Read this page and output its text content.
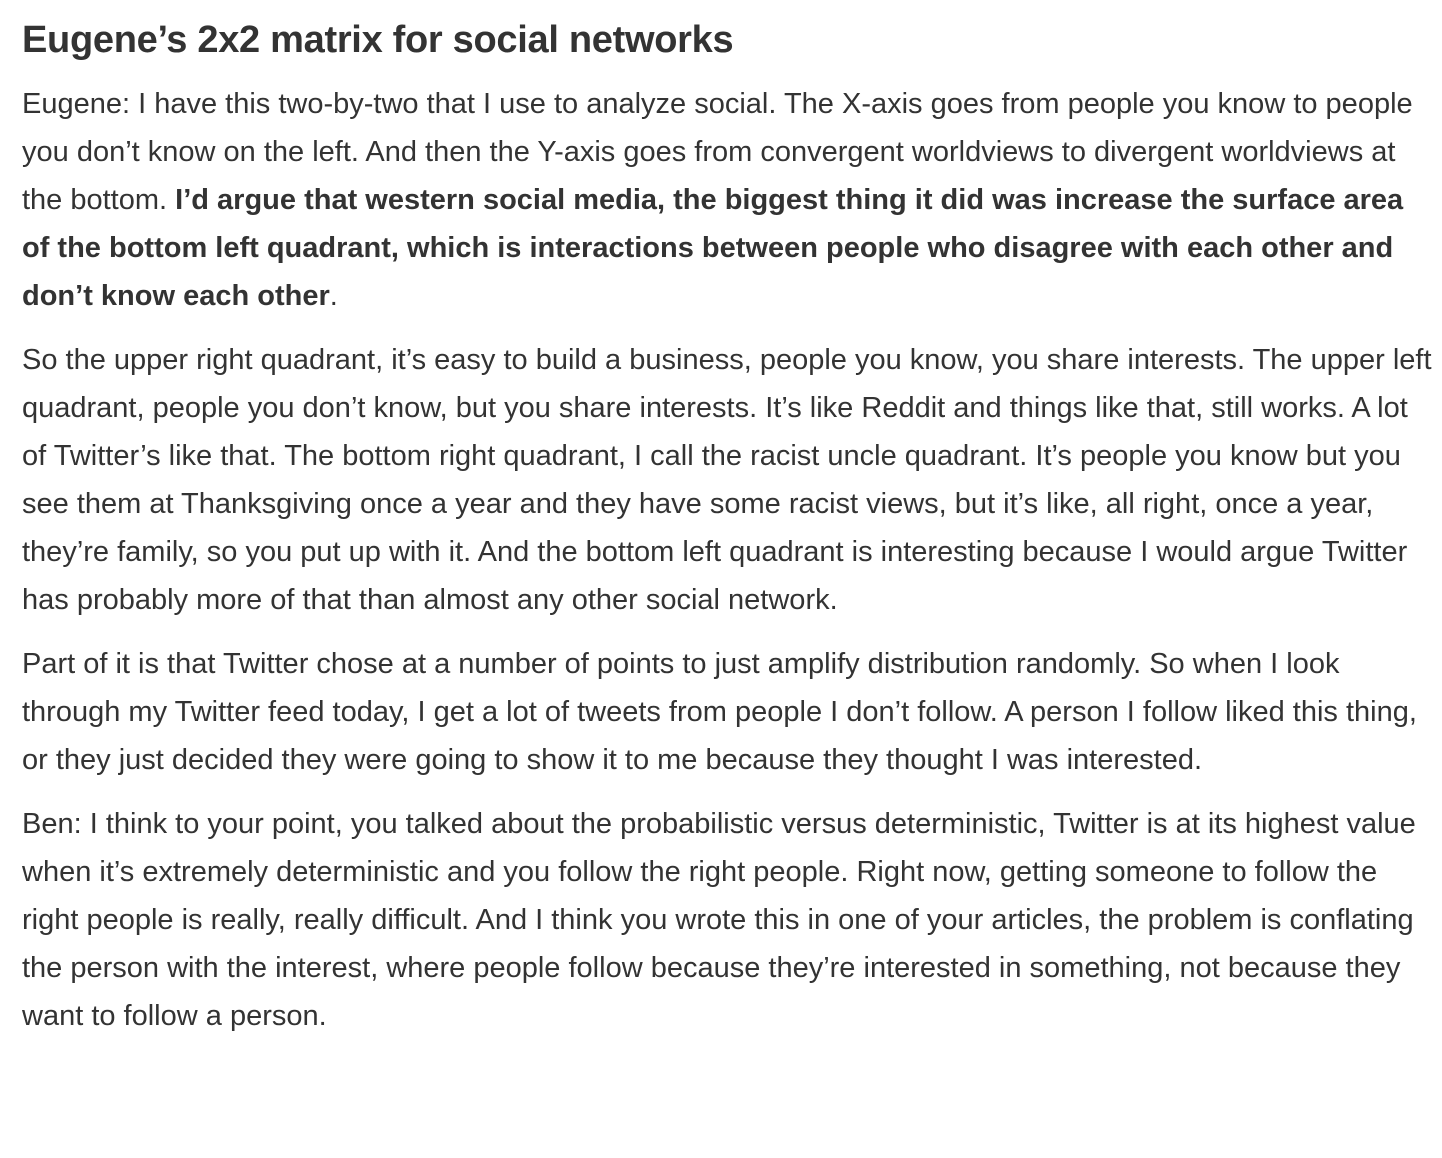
Eugene’s 2x2 matrix for social networks

Eugene: I have this two-by-two that I use to analyze social. The X-axis goes from people you know to people you don’t know on the left. And then the Y-axis goes from convergent worldviews to divergent worldviews at the bottom. I’d argue that western social media, the biggest thing it did was increase the surface area of the bottom left quadrant, which is interactions between people who disagree with each other and don’t know each other.

So the upper right quadrant, it’s easy to build a business, people you know, you share interests. The upper left quadrant, people you don’t know, but you share interests. It’s like Reddit and things like that, still works. A lot of Twitter’s like that. The bottom right quadrant, I call the racist uncle quadrant. It’s people you know but you see them at Thanksgiving once a year and they have some racist views, but it’s like, all right, once a year, they’re family, so you put up with it. And the bottom left quadrant is interesting because I would argue Twitter has probably more of that than almost any other social network.

Part of it is that Twitter chose at a number of points to just amplify distribution randomly. So when I look through my Twitter feed today, I get a lot of tweets from people I don’t follow. A person I follow liked this thing, or they just decided they were going to show it to me because they thought I was interested.

Ben: I think to your point, you talked about the probabilistic versus deterministic, Twitter is at its highest value when it’s extremely deterministic and you follow the right people. Right now, getting someone to follow the right people is really, really difficult. And I think you wrote this in one of your articles, the problem is conflating the person with the interest, where people follow because they’re interested in something, not because they want to follow a person.
